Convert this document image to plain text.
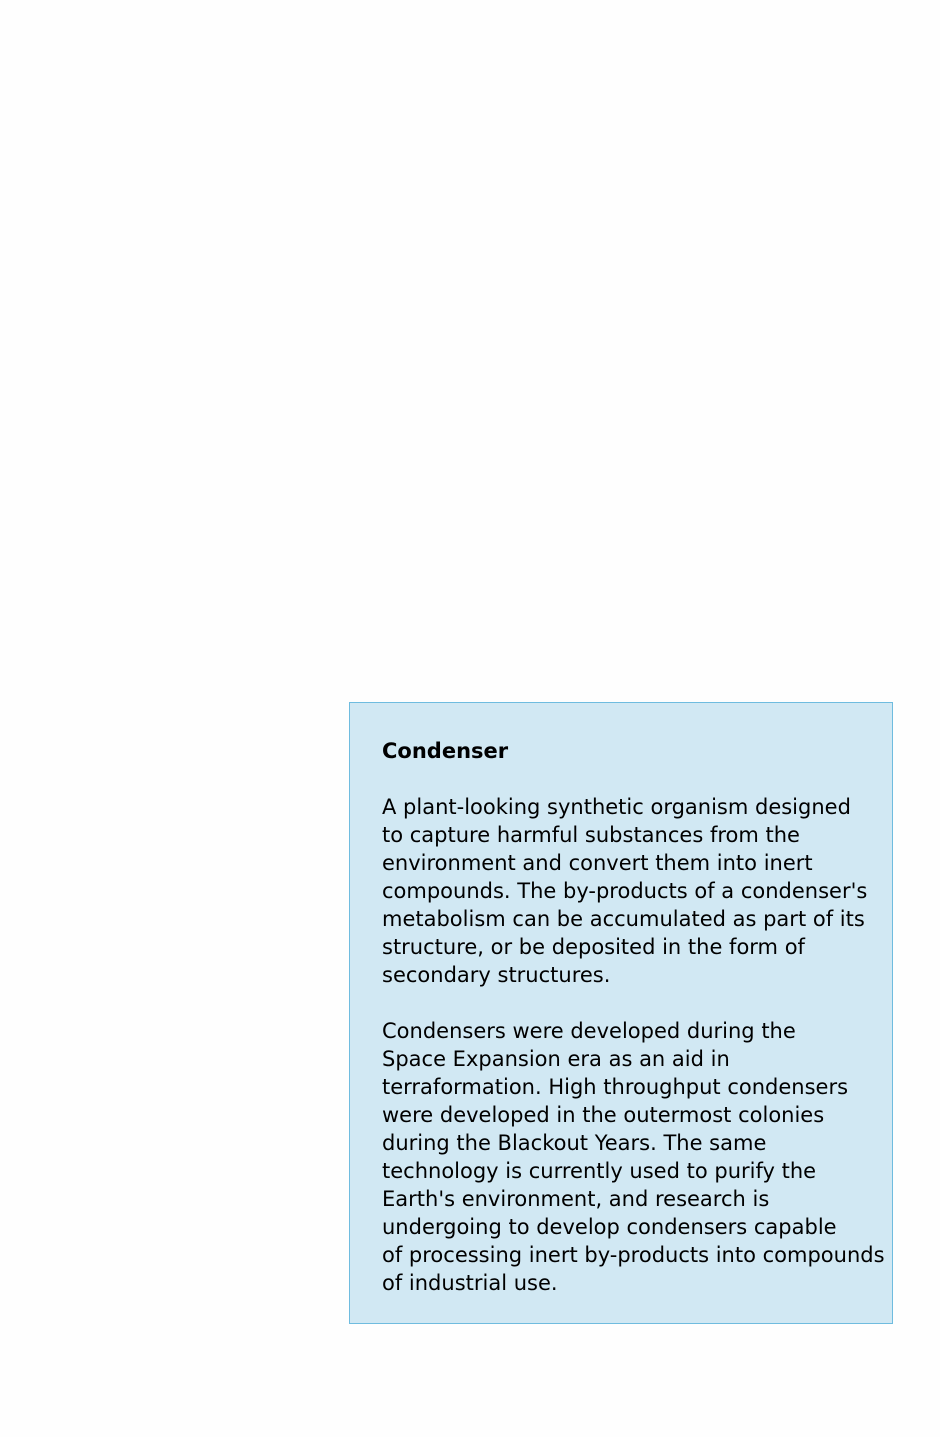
Condenser
A plant-looking synthetic organism designed
to capture harmful substances from the
environment and convert them into inert
compounds. The by-products of a condenser's
metabolism can be accumulated as part of its
structure, or be deposited in the form of
secondary structures.
Condensers were developed during the
Space Expansion era as an aid in
terraformation. High throughput condensers
were developed in the outermost colonies
during the Blackout Years. The same
technology is currently used to purify the
Earth's environment, and research is
undergoing to develop condensers capable
of processing inert by-products into compounds
of industrial use.
